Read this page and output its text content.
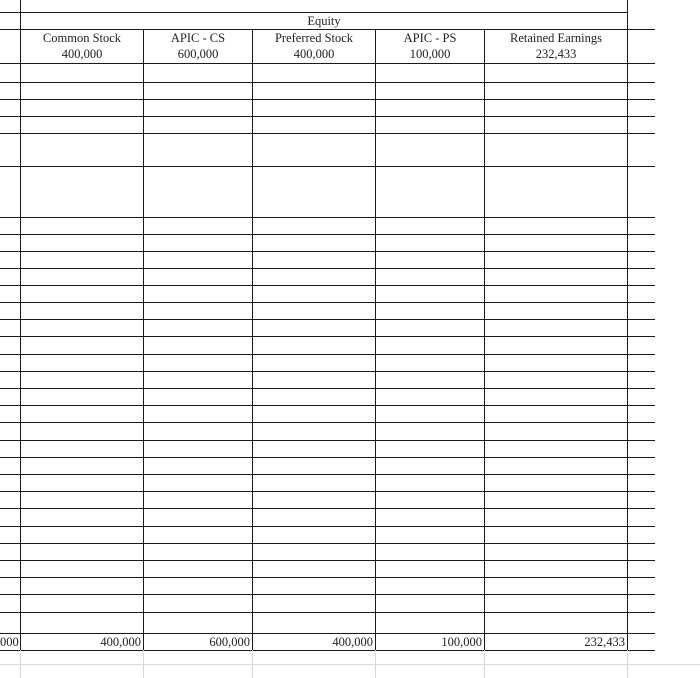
Equity
Common Stock	APIC - CS	Preferred Stock	APIC - PS	Retained Earnings
400,000	600,000	400,000	100,000	232,433
000	400,000	600,000	400,000	100,000	232,433
